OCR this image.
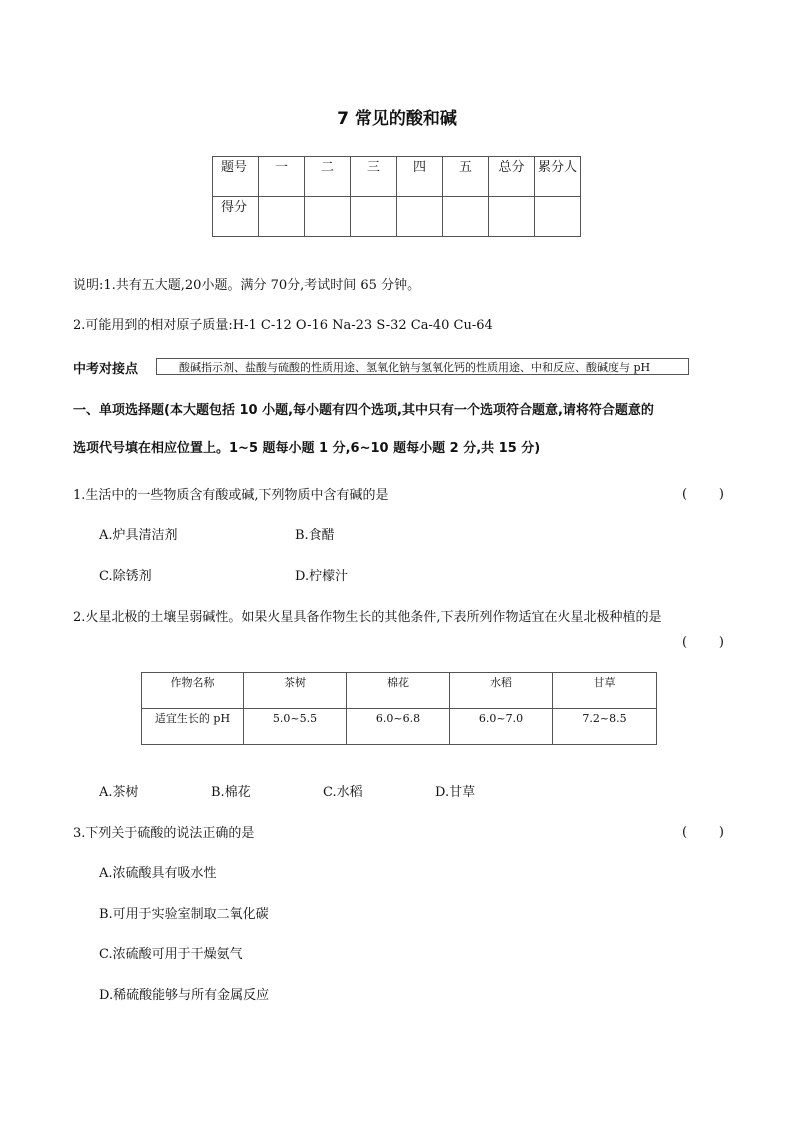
7 常见的酸和碱
题号	一	二	三	四	五	总分	累分人
得分							
说明:1.共有五大题,20小题。满分 70分,考试时间 65 分钟。
2.可能用到的相对原子质量:H-1 C-12 O-16 Na-23 S-32 Ca-40 Cu-64
中考对接点	酸碱指示剂、盐酸与硫酸的性质用途、氢氧化钠与氢氧化钙的性质用途、中和反应、酸碱度与 pH
一、单项选择题(本大题包括 10 小题,每小题有四个选项,其中只有一个选项符合题意,请将符合题意的
选项代号填在相应位置上。1~5 题每小题 1 分,6~10 题每小题 2 分,共 15 分)
1.生活中的一些物质含有酸或碱,下列物质中含有碱的是	( )
A.炉具清洁剂	B.食醋
C.除锈剂	D.柠檬汁
2.火星北极的土壤呈弱碱性。如果火星具备作物生长的其他条件,下表所列作物适宜在火星北极种植的是
( )
作物名称	茶树	棉花	水稻	甘草
适宜生长的 pH	5.0~5.5	6.0~6.8	6.0~7.0	7.2~8.5
A.茶树	B.棉花	C.水稻	D.甘草
3.下列关于硫酸的说法正确的是	( )
A.浓硫酸具有吸水性
B.可用于实验室制取二氧化碳
C.浓硫酸可用于干燥氨气
D.稀硫酸能够与所有金属反应
